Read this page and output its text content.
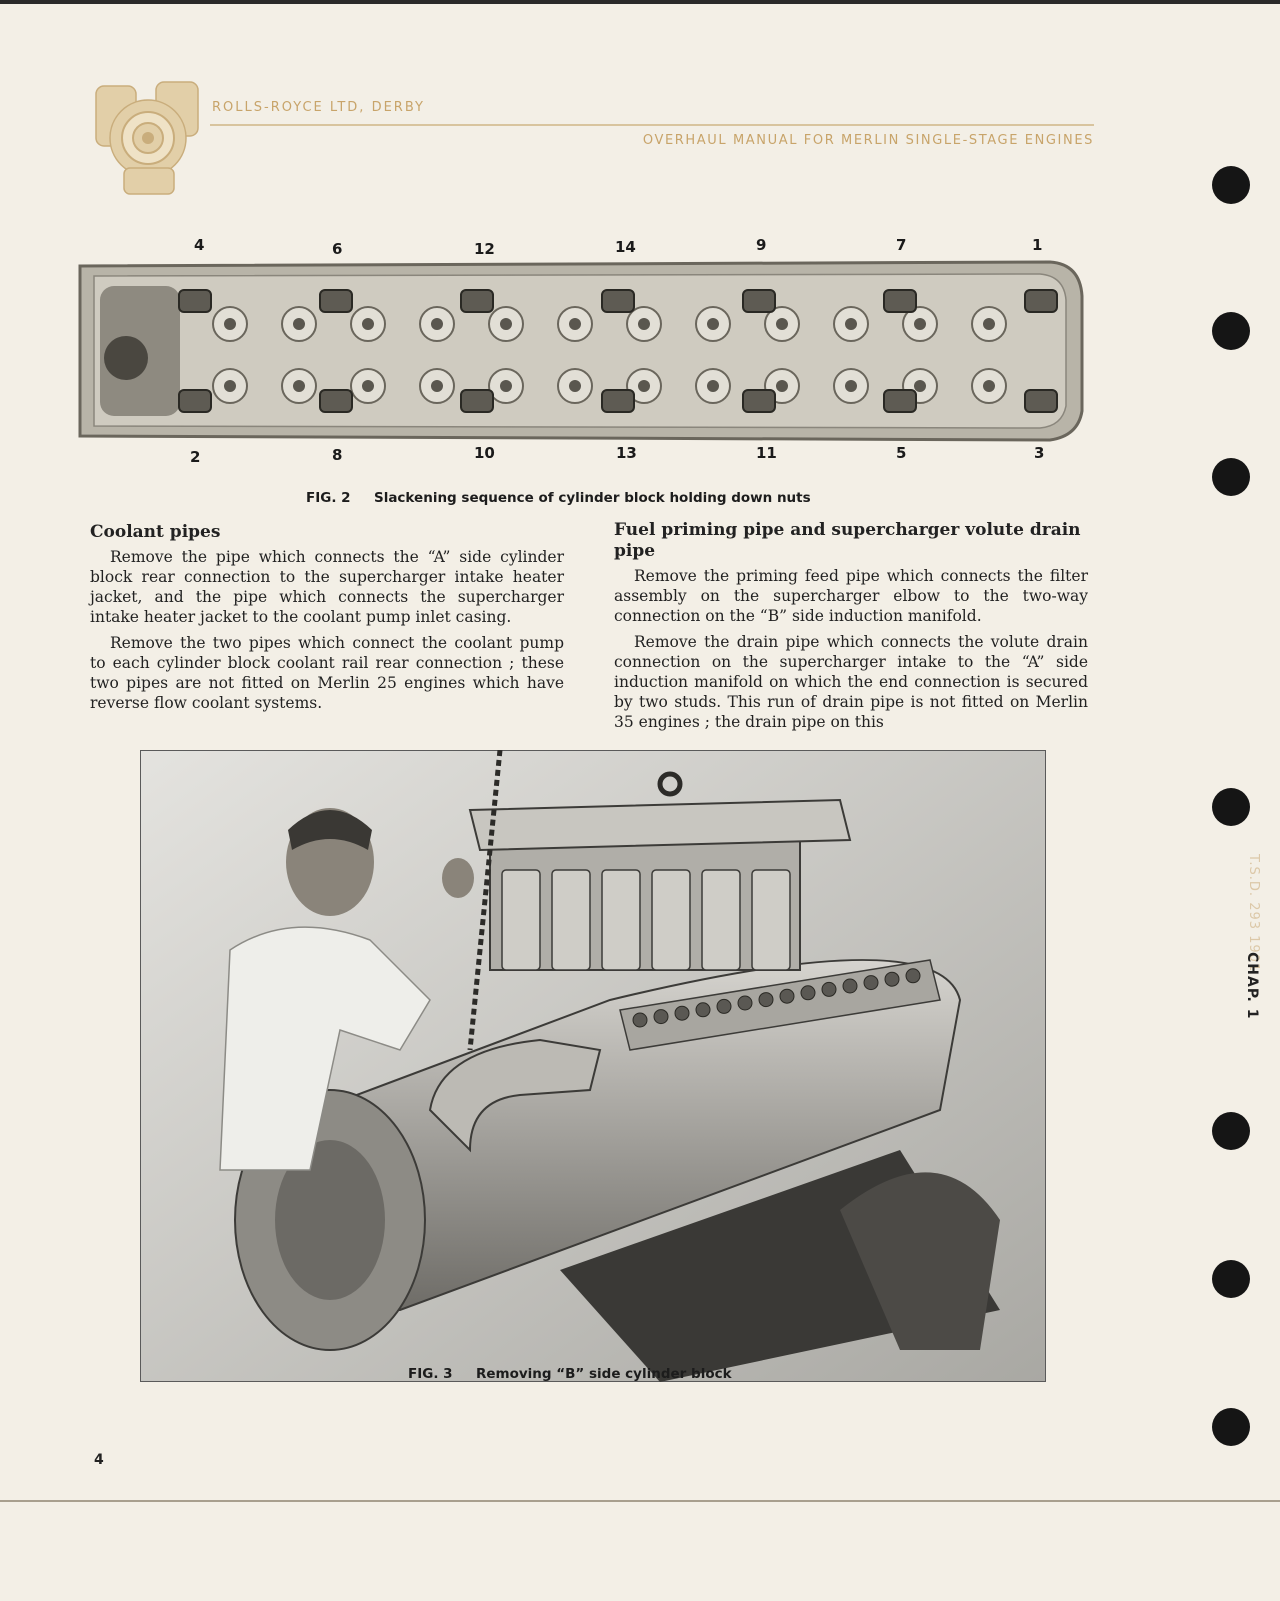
ROLLS-ROYCE LTD, DERBY
OVERHAUL MANUAL FOR MERLIN SINGLE-STAGE ENGINES
T.S.D. 293 1901
CHAP. 1
4	6	12	14	9	7	1
2	8	10	13	11	5	3
FIG. 2 Slackening sequence of cylinder block holding down nuts
Coolant pipes

Remove the pipe which connects the “A” side cylinder block rear connection to the supercharger intake heater jacket, and the pipe which connects the supercharger intake heater jacket to the coolant pump inlet casing.

Remove the two pipes which connect the coolant pump to each cylinder block coolant rail rear connection ; these two pipes are not fitted on Merlin 25 engines which have reverse flow coolant systems.

Fuel priming pipe and supercharger volute drain pipe

Remove the priming feed pipe which connects the filter assembly on the supercharger elbow to the two-way connection on the “B” side induction manifold.

Remove the drain pipe which connects the volute drain connection on the supercharger intake to the “A” side induction manifold on which the end connection is secured by two studs. This run of drain pipe is not fitted on Merlin 35 engines ; the drain pipe on this

FIG. 3 Removing “B” side cylinder block
4
